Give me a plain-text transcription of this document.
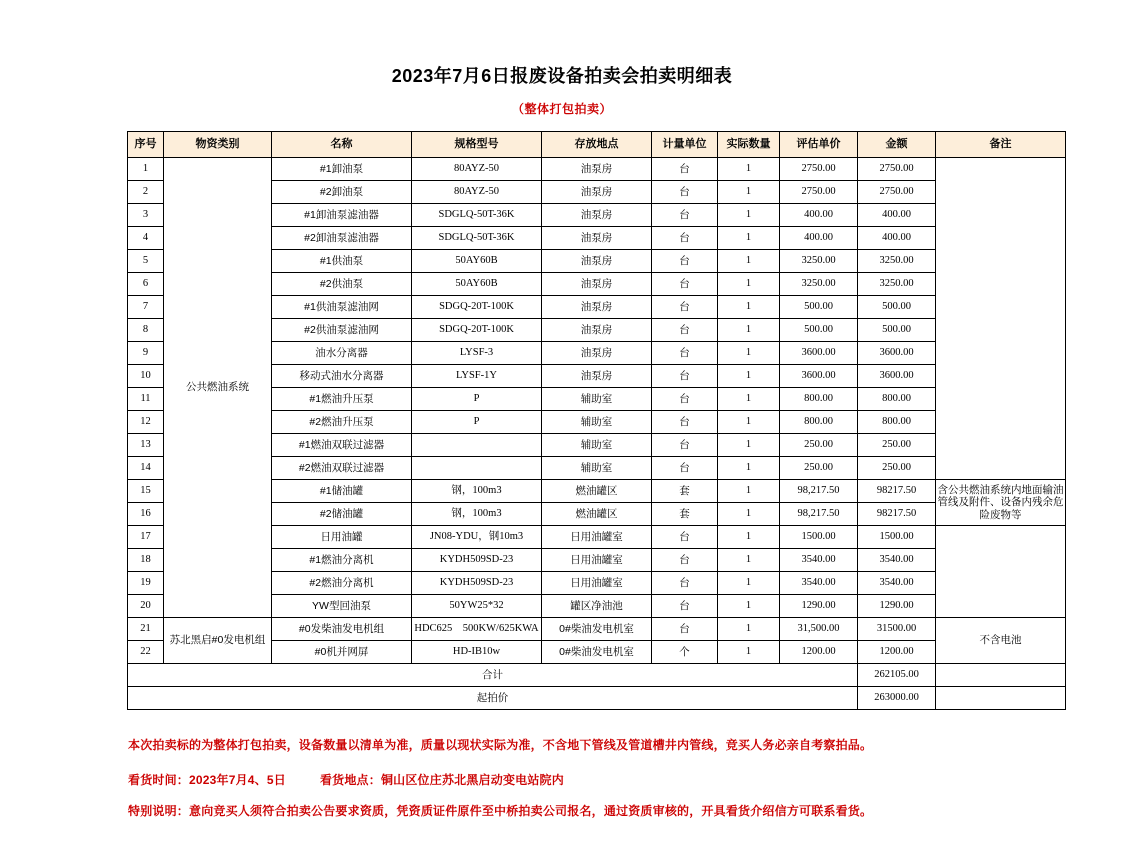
2023年7月6日报废设备拍卖会拍卖明细表
（整体打包拍卖）
序号	物资类别	名称	规格型号	存放地点	计量单位	实际数量	评估单价	金额	备注
1	公共燃油系统	#1卸油泵	80AYZ-50	油泵房	台	1	2750.00	2750.00	
2		#2卸油泵	80AYZ-50	油泵房	台	1	2750.00	2750.00	
3		#1卸油泵滤油器	SDGLQ-50T-36K	油泵房	台	1	400.00	400.00	
4		#2卸油泵滤油器	SDGLQ-50T-36K	油泵房	台	1	400.00	400.00	
5		#1供油泵	50AY60B	油泵房	台	1	3250.00	3250.00	
6		#2供油泵	50AY60B	油泵房	台	1	3250.00	3250.00	
7		#1供油泵滤油网	SDGQ-20T-100K	油泵房	台	1	500.00	500.00	
8		#2供油泵滤油网	SDGQ-20T-100K	油泵房	台	1	500.00	500.00	
9		油水分离器	LYSF-3	油泵房	台	1	3600.00	3600.00	
10		移动式油水分离器	LYSF-1Y	油泵房	台	1	3600.00	3600.00	
11		#1燃油升压泵	P	辅助室	台	1	800.00	800.00	
12		#2燃油升压泵	P	辅助室	台	1	800.00	800.00	
13		#1燃油双联过滤器		辅助室	台	1	250.00	250.00	
14		#2燃油双联过滤器		辅助室	台	1	250.00	250.00	
15		#1储油罐	钢，100m3	燃油罐区	套	1	98,217.50	98217.50	含公共燃油系统内地面输油管线及附件、设备内残余危险废物等
16		#2储油罐	钢，100m3	燃油罐区	套	1	98,217.50	98217.50	
17		日用油罐	JN08-YDU，钢10m3	日用油罐室	台	1	1500.00	1500.00	
18		#1燃油分离机	KYDH509SD-23	日用油罐室	台	1	3540.00	3540.00	
19		#2燃油分离机	KYDH509SD-23	日用油罐室	台	1	3540.00	3540.00	
20		YW型回油泵	50YW25*32	罐区净油池	台	1	1290.00	1290.00	
21	苏北黑启#0发电机组	#0发柴油发电机组	HDC625　500KW/625KWA	0#柴油发电机室	台	1	31,500.00	31500.00	不含电池
22		#0机并网屏	HD-IB10w	0#柴油发电机室	个	1	1200.00	1200.00	
合计								262105.00	
起拍价								263000.00	
本次拍卖标的为整体打包拍卖，设备数量以清单为准，质量以现状实际为准，不含地下管线及管道槽井内管线，竞买人务必亲自考察拍品。
看货时间：2023年7月4、5日	看货地点：铜山区位庄苏北黑启动变电站院内
特别说明：意向竞买人须符合拍卖公告要求资质，凭资质证件原件至中桥拍卖公司报名，通过资质审核的，开具看货介绍信方可联系看货。
